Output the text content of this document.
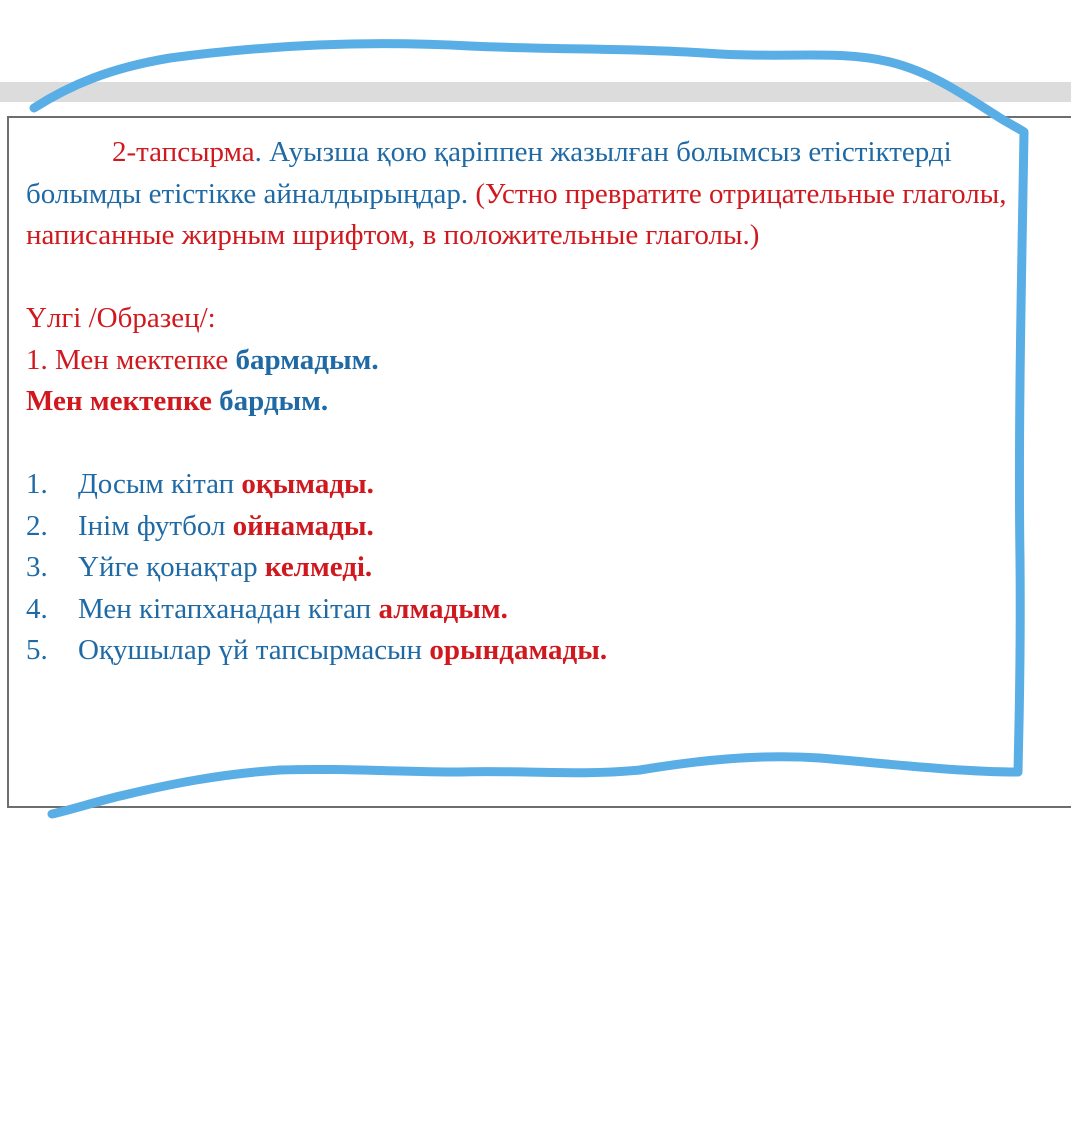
2-тапсырма. Ауызша қою қаріппен жазылған болымсыз етістіктерді болымды етістікке айналдырыңдар. (Устно превратите отрицательные глаголы, написанные жирным шрифтом, в положительные глаголы.)

Үлгі /Образец/:

1. Мен мектепке бармадым.

Мен мектепке бардым.

1. Досым кітап оқымады.
2. Інім футбол ойнамады.
3. Үйге қонақтар келмеді.
4. Мен кітапханадан кітап алмадым.
5. Оқушылар үй тапсырмасын орындамады.
